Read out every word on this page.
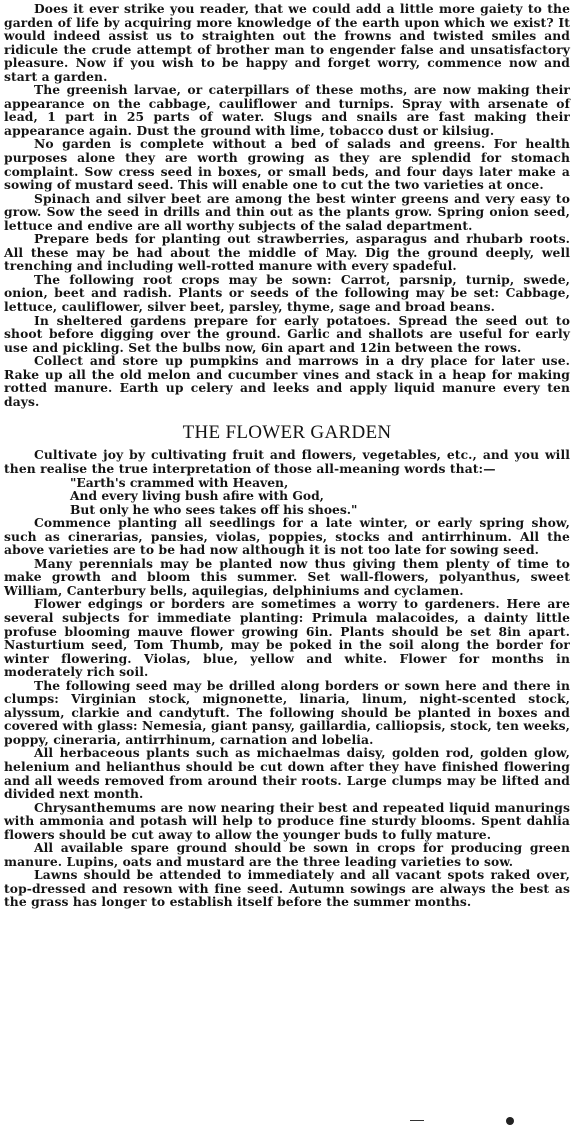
Does it ever strike you reader, that we could add a little more gaiety to the garden of life by acquiring more knowledge of the earth upon which we exist? It would indeed assist us to straighten out the frowns and twisted smiles and ridicule the crude attempt of brother man to engender false and unsatisfactory pleasure. Now if you wish to be happy and forget worry, commence now and start a garden.

The greenish larvae, or caterpillars of these moths, are now making their appearance on the cabbage, cauliflower and turnips. Spray with arsenate of lead, 1 part in 25 parts of water. Slugs and snails are fast making their appearance again. Dust the ground with lime, tobacco dust or kilsiug.

No garden is complete without a bed of salads and greens. For health purposes alone they are worth growing as they are splendid for stomach complaint. Sow cress seed in boxes, or small beds, and four days later make a sowing of mustard seed. This will enable one to cut the two varieties at once.

Spinach and silver beet are among the best winter greens and very easy to grow. Sow the seed in drills and thin out as the plants grow. Spring onion seed, lettuce and endive are all worthy subjects of the salad department.

Prepare beds for planting out strawberries, asparagus and rhubarb roots. All these may be had about the middle of May. Dig the ground deeply, well trenching and including well-rotted manure with every spadeful.

The following root crops may be sown: Carrot, parsnip, turnip, swede, onion, beet and radish. Plants or seeds of the following may be set: Cabbage, lettuce, cauliflower, silver beet, parsley, thyme, sage and broad beans.

In sheltered gardens prepare for early potatoes. Spread the seed out to shoot before digging over the ground. Garlic and shallots are useful for early use and pickling. Set the bulbs now, 6in apart and 12in between the rows.

Collect and store up pumpkins and marrows in a dry place for later use. Rake up all the old melon and cucumber vines and stack in a heap for making rotted manure. Earth up celery and leeks and apply liquid manure every ten days.

THE FLOWER GARDEN

Cultivate joy by cultivating fruit and flowers, vegetables, etc., and you will then realise the true interpretation of those all-meaning words that:—

"Earth's crammed with Heaven,
And every living bush afire with God,
But only he who sees takes off his shoes."

Commence planting all seedlings for a late winter, or early spring show, such as cinerarias, pansies, violas, poppies, stocks and antirrhinum. All the above varieties are to be had now although it is not too late for sowing seed.

Many perennials may be planted now thus giving them plenty of time to make growth and bloom this summer. Set wall-flowers, polyanthus, sweet William, Canterbury bells, aquilegias, delphiniums and cyclamen.

Flower edgings or borders are sometimes a worry to gardeners. Here are several subjects for immediate planting: Primula malacoides, a dainty little profuse blooming mauve flower growing 6in. Plants should be set 8in apart. Nasturtium seed, Tom Thumb, may be poked in the soil along the border for winter flowering. Violas, blue, yellow and white. Flower for months in moderately rich soil.

The following seed may be drilled along borders or sown here and there in clumps: Virginian stock, mignonette, linaria, linum, night-scented stock, alyssum, clarkie and candytuft. The following should be planted in boxes and covered with glass: Nemesia, giant pansy, gaillardia, calliopsis, stock, ten weeks, poppy, cineraria, antirrhinum, carnation and lobelia.

All herbaceous plants such as michaelmas daisy, golden rod, golden glow, helenium and helianthus should be cut down after they have finished flowering and all weeds removed from around their roots. Large clumps may be lifted and divided next month.

Chrysanthemums are now nearing their best and repeated liquid manurings with ammonia and potash will help to produce fine sturdy blooms. Spent dahlia flowers should be cut away to allow the younger buds to fully mature.

All available spare ground should be sown in crops for producing green manure. Lupins, oats and mustard are the three leading varieties to sow.

Lawns should be attended to immediately and all vacant spots raked over, top-dressed and resown with fine seed. Autumn sowings are always the best as the grass has longer to establish itself before the summer months.
